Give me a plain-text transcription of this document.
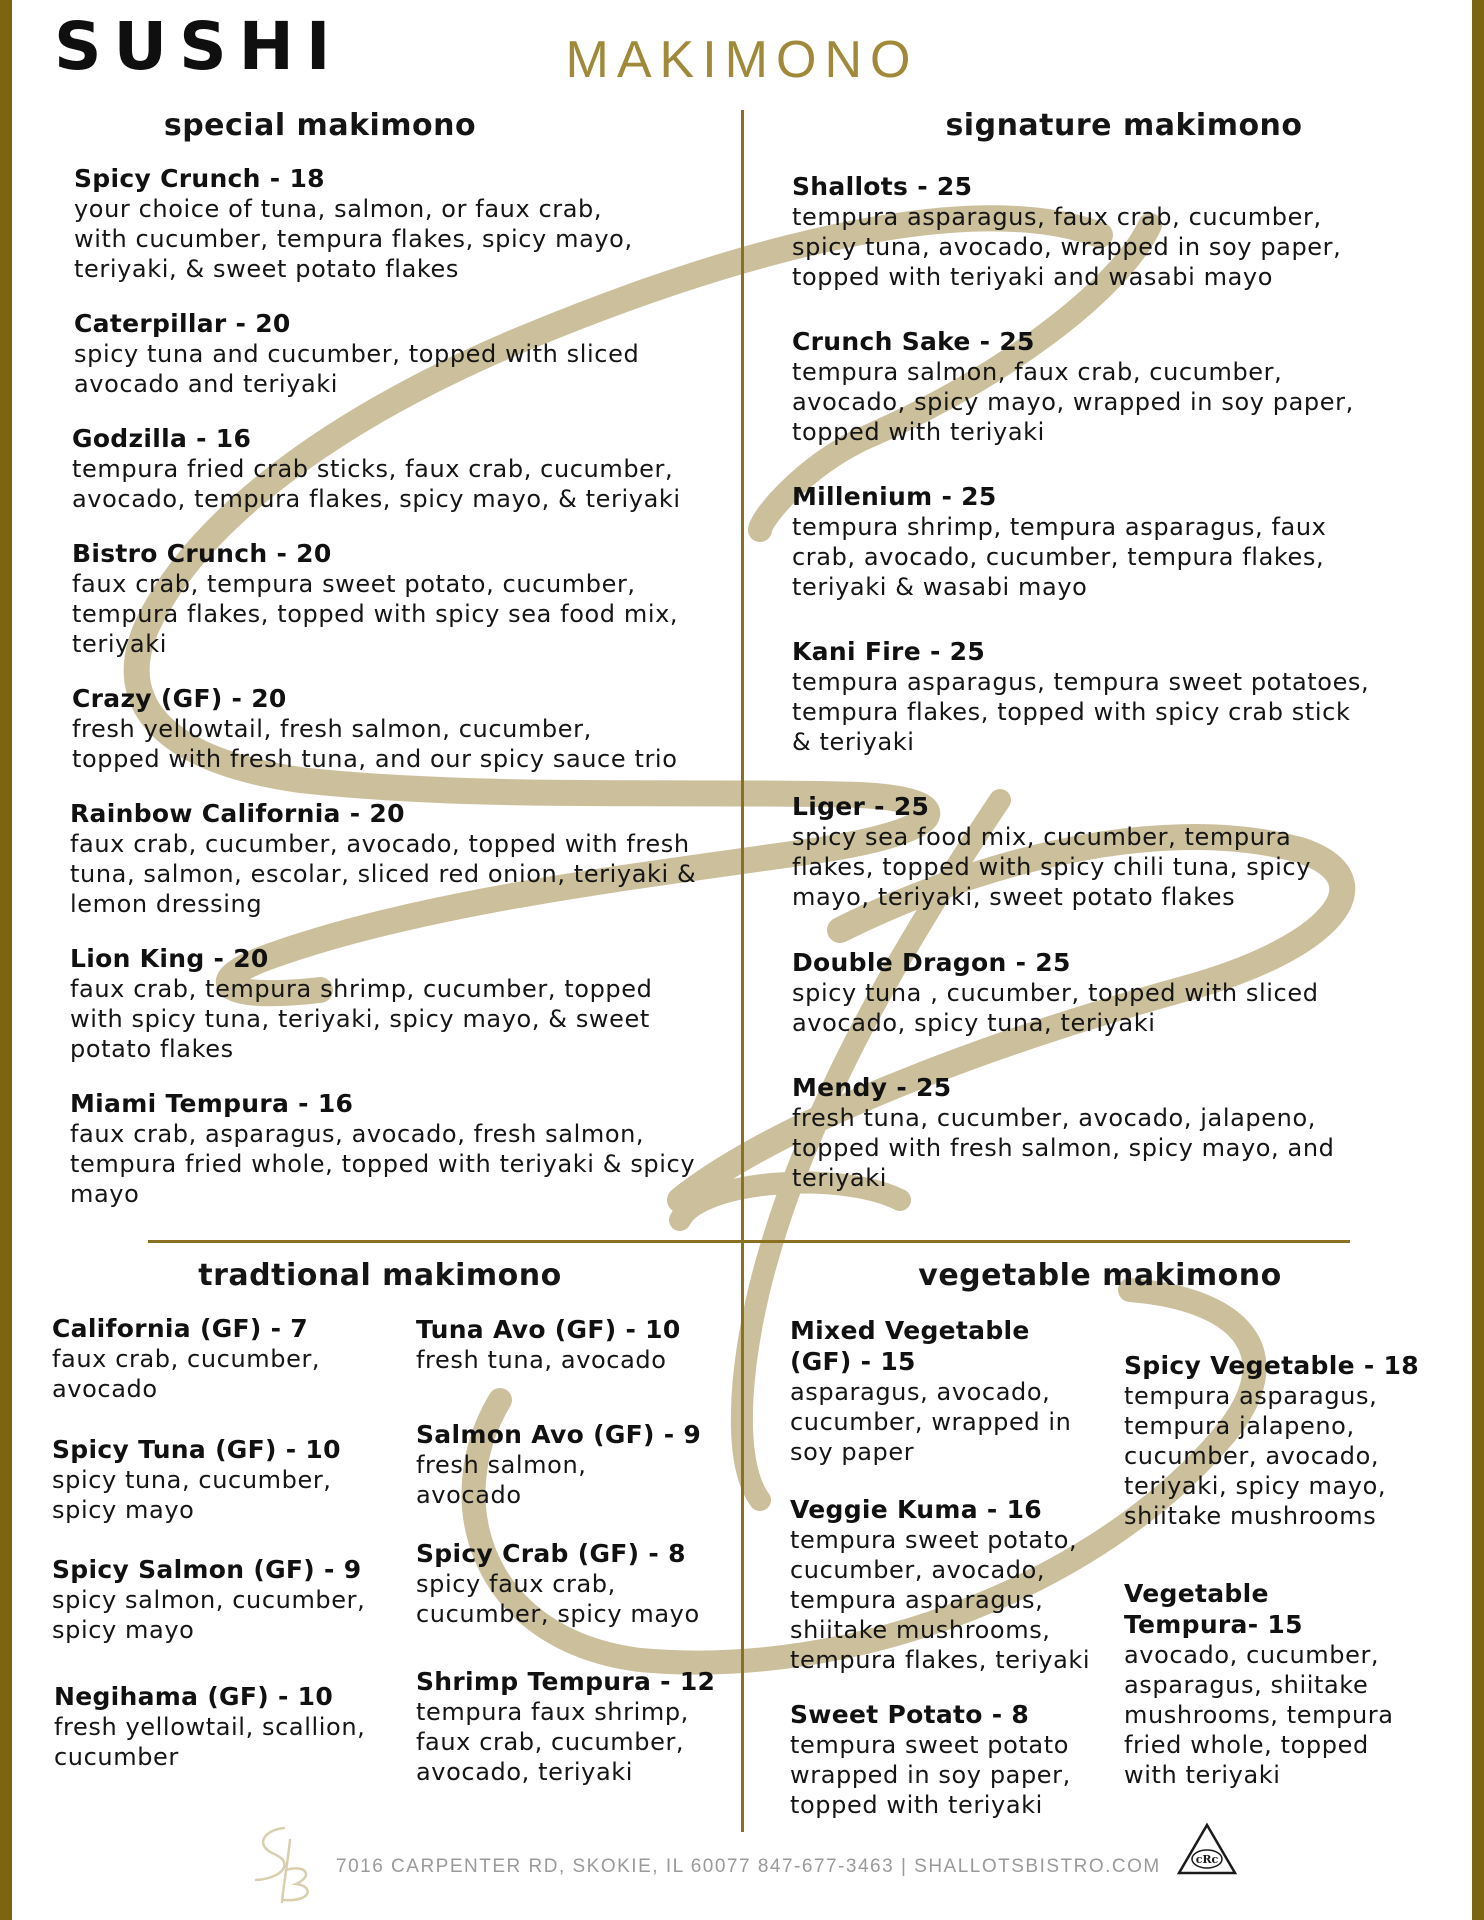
SUSHI	MAKIMONO
special makimono	signature makimono
tradtional makimono	vegetable makimono

Spicy Crunch - 18

your choice of tuna, salmon, or faux crab,

with cucumber, tempura flakes, spicy mayo,

teriyaki, & sweet potato flakes

Caterpillar - 20

spicy tuna and cucumber, topped with sliced

avocado and teriyaki

Godzilla - 16

tempura fried crab sticks, faux crab, cucumber,

avocado, tempura flakes, spicy mayo, & teriyaki

Bistro Crunch - 20

faux crab, tempura sweet potato, cucumber,

tempura flakes, topped with spicy sea food mix,

teriyaki

Crazy (GF) - 20

fresh yellowtail, fresh salmon, cucumber,

topped with fresh tuna, and our spicy sauce trio

Rainbow California - 20

faux crab, cucumber, avocado, topped with fresh

tuna, salmon, escolar, sliced red onion, teriyaki &

lemon dressing

Lion King - 20

faux crab, tempura shrimp, cucumber, topped

with spicy tuna, teriyaki, spicy mayo, & sweet

potato flakes

Miami Tempura - 16

faux crab, asparagus, avocado, fresh salmon,

tempura fried whole, topped with teriyaki & spicy

mayo

Shallots - 25

tempura asparagus, faux crab, cucumber,

spicy tuna, avocado, wrapped in soy paper,

topped with teriyaki and wasabi mayo

Crunch Sake - 25

tempura salmon, faux crab, cucumber,

avocado, spicy mayo, wrapped in soy paper,

topped with teriyaki

Millenium - 25

tempura shrimp, tempura asparagus, faux

crab, avocado, cucumber, tempura flakes,

teriyaki & wasabi mayo

Kani Fire - 25

tempura asparagus, tempura sweet potatoes,

tempura flakes, topped with spicy crab stick

& teriyaki

Liger - 25

spicy sea food mix, cucumber, tempura

flakes, topped with spicy chili tuna, spicy

mayo, teriyaki, sweet potato flakes

Double Dragon - 25

spicy tuna , cucumber, topped with sliced

avocado, spicy tuna, teriyaki

Mendy - 25

fresh tuna, cucumber, avocado, jalapeno,

topped with fresh salmon, spicy mayo, and

teriyaki

California (GF) - 7

faux crab, cucumber,

avocado

Spicy Tuna (GF) - 10

spicy tuna, cucumber,

spicy mayo

Spicy Salmon (GF) - 9

spicy salmon, cucumber,

spicy mayo

Negihama (GF) - 10

fresh yellowtail, scallion,

cucumber

Tuna Avo (GF) - 10

fresh tuna, avocado

Salmon Avo (GF) - 9

fresh salmon,

avocado

Spicy Crab (GF) - 8

spicy faux crab,

cucumber, spicy mayo

Shrimp Tempura - 12

tempura faux shrimp,

faux crab, cucumber,

avocado, teriyaki

Mixed Vegetable

(GF) - 15

asparagus, avocado,

cucumber, wrapped in

soy paper

Veggie Kuma - 16

tempura sweet potato,

cucumber, avocado,

tempura asparagus,

shiitake mushrooms,

tempura flakes, teriyaki

Sweet Potato - 8

tempura sweet potato

wrapped in soy paper,

topped with teriyaki

Spicy Vegetable - 18

tempura asparagus,

tempura jalapeno,

cucumber, avocado,

teriyaki, spicy mayo,

shiitake mushrooms

Vegetable

Tempura- 15

avocado, cucumber,

asparagus, shiitake

mushrooms, tempura

fried whole, topped

with teriyaki

7016 CARPENTER RD, SKOKIE, IL 60077 847-677-3463 | SHALLOTSBISTRO.COM	cRc
